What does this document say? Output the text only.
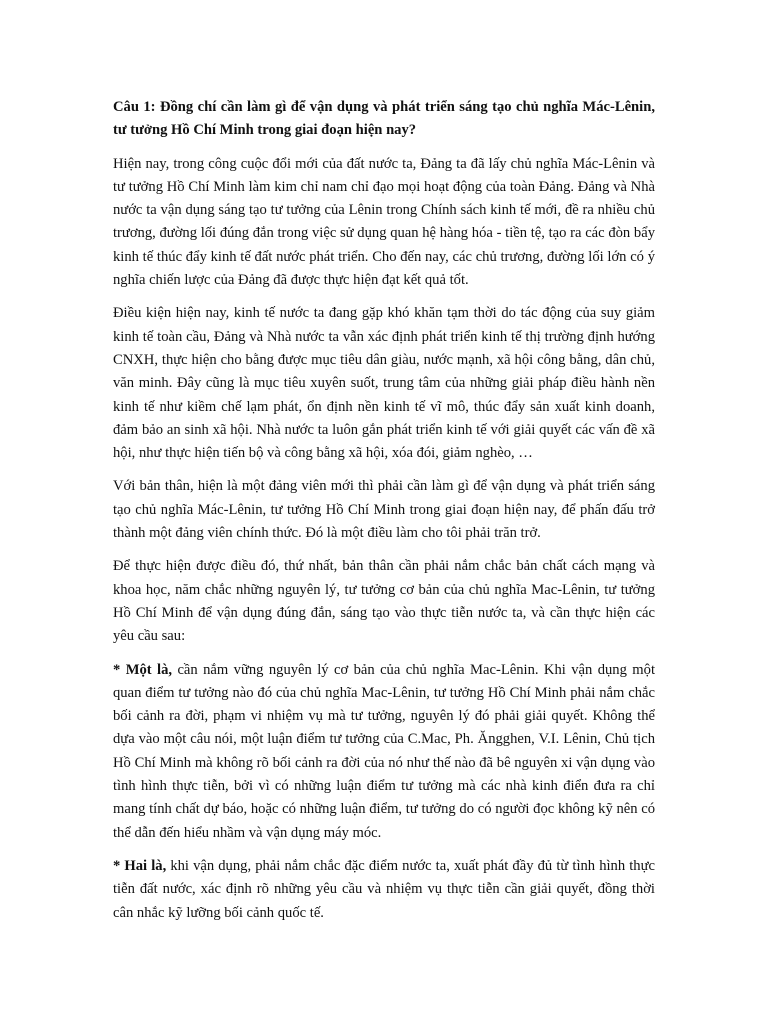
Câu 1: Đồng chí cần làm gì để vận dụng và phát triển sáng tạo chủ nghĩa Mác-Lênin, tư tưởng Hồ Chí Minh trong giai đoạn hiện nay?

Hiện nay, trong công cuộc đổi mới của đất nước ta, Đảng ta đã lấy chủ nghĩa Mác-Lênin và tư tưởng Hồ Chí Minh làm kim chỉ nam chỉ đạo mọi hoạt động của toàn Đảng. Đảng và Nhà nước ta vận dụng sáng tạo tư tưởng của Lênin trong Chính sách kinh tế mới, đề ra nhiều chủ trương, đường lối đúng đắn trong việc sử dụng quan hệ hàng hóa - tiền tệ, tạo ra các đòn bẩy kinh tế thúc đẩy kinh tế đất nước phát triển. Cho đến nay, các chủ trương, đường lối lớn có ý nghĩa chiến lược của Đảng đã được thực hiện đạt kết quả tốt.

Điều kiện hiện nay, kinh tế nước ta đang gặp khó khăn tạm thời do tác động của suy giảm kinh tế toàn cầu, Đảng và Nhà nước ta vẫn xác định phát triển kinh tế thị trường định hướng CNXH, thực hiện cho bằng được mục tiêu dân giàu, nước mạnh, xã hội công bằng, dân chủ, văn minh. Đây cũng là mục tiêu xuyên suốt, trung tâm của những giải pháp điều hành nền kinh tế như kiềm chế lạm phát, ổn định nền kinh tế vĩ mô, thúc đẩy sản xuất kinh doanh, đảm bảo an sinh xã hội. Nhà nước ta luôn gắn phát triển kinh tế với giải quyết các vấn đề xã hội, như thực hiện tiến bộ và công bằng xã hội, xóa đói, giảm nghèo, …

Với bản thân, hiện là một đảng viên mới thì phải cần làm gì để vận dụng và phát triển sáng tạo chủ nghĩa Mác-Lênin, tư tưởng Hồ Chí Minh trong giai đoạn hiện nay, để phấn đấu trở thành một đảng viên chính thức. Đó là một điều làm cho tôi phải trăn trở.

Để thực hiện được điều đó, thứ nhất, bản thân cần phải nắm chắc bản chất cách mạng và khoa học, năm chắc những nguyên lý, tư tưởng cơ bản của chủ nghĩa Mac-Lênin, tư tưởng Hồ Chí Minh để vận dụng đúng đắn, sáng tạo vào thực tiễn nước ta, và cần thực hiện các yêu cầu sau:

* Một là, cần nắm vững nguyên lý cơ bản của chủ nghĩa Mac-Lênin. Khi vận dụng một quan điểm tư tưởng nào đó của chủ nghĩa Mac-Lênin, tư tưởng Hồ Chí Minh phải nắm chắc bối cảnh ra đời, phạm vi nhiệm vụ mà tư tưởng, nguyên lý đó phải giải quyết. Không thể dựa vào một câu nói, một luận điểm tư tưởng của C.Mac, Ph. Ăngghen, V.I. Lênin, Chủ tịch Hồ Chí Minh mà không rõ bối cảnh ra đời của nó như thế nào đã bê nguyên xi vận dụng vào tình hình thực tiễn, bởi vì có những luận điểm tư tưởng mà các nhà kinh điển đưa ra chỉ mang tính chất dự báo, hoặc có những luận điểm, tư tưởng do có người đọc không kỹ nên có thể dẫn đến hiểu nhầm và vận dụng máy móc.

* Hai là, khi vận dụng, phải nắm chắc đặc điểm nước ta, xuất phát đầy đủ từ tình hình thực tiễn đất nước, xác định rõ những yêu cầu và nhiệm vụ thực tiễn cần giải quyết, đồng thời cân nhắc kỹ lưỡng bối cảnh quốc tế.
